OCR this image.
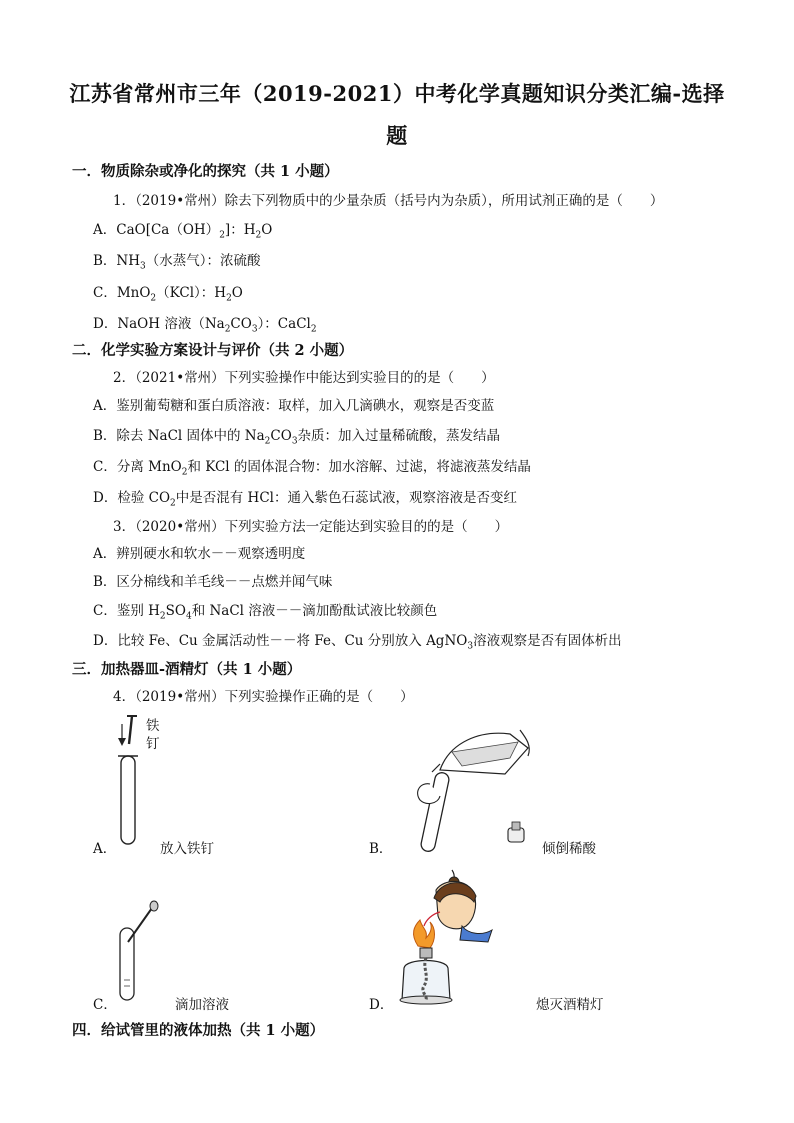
江苏省常州市三年（2019-2021）中考化学真题知识分类汇编-选择
题
一．物质除杂或净化的探究（共 1 小题）
1．（2019•常州）除去下列物质中的少量杂质（括号内为杂质），所用试剂正确的是（　　）
A．$CaO[Ca(OH)_2]$：$H_2O$
B．$NH_3$（水蒸气）：浓硫酸
C．MnO$_2$（KCl）：$H_2O$
D．NaOH 溶液$(Na_2CO_3)$：CaCl$_2$
二．化学实验方案设计与评价（共 2 小题）
2．（2021•常州）下列实验操作中能达到实验目的的是（　　）
A．鉴别葡萄糖和蛋白质溶液：取样，加入几滴碘水，观察是否变蓝
B．除去 NaCl 固体中的 $Na_2CO_3$杂质：加入过量稀硫酸，蒸发结晶
C．分离 MnO$_2$和 KCl 的固体混合物：加水溶解、过滤，将滤液蒸发结晶
D．检验 $CO_2$中是否混有 HCl：通入紫色石蕊试液，观察溶液是否变红
3．（2020•常州）下列实验方法一定能达到实验目的的是（　　）
A．辨别硬水和软水－－观察透明度
B．区分棉线和羊毛线－－点燃并闻气味
C．鉴别 $H_2SO_4$和 NaCl 溶液－－滴加酚酞试液比较颜色
D．比较 Fe、Cu 金属活动性－－将 Fe、Cu 分别放入 AgNO$_3$溶液观察是否有固体析出
三．加热器皿-酒精灯（共 1 小题）
4．（2019•常州）下列实验操作正确的是（　　）
铁
钉
A．	放入铁钉	B．	倾倒稀酸
C．	滴加溶液	D．	熄灭酒精灯
四．给试管里的液体加热（共 1 小题）
